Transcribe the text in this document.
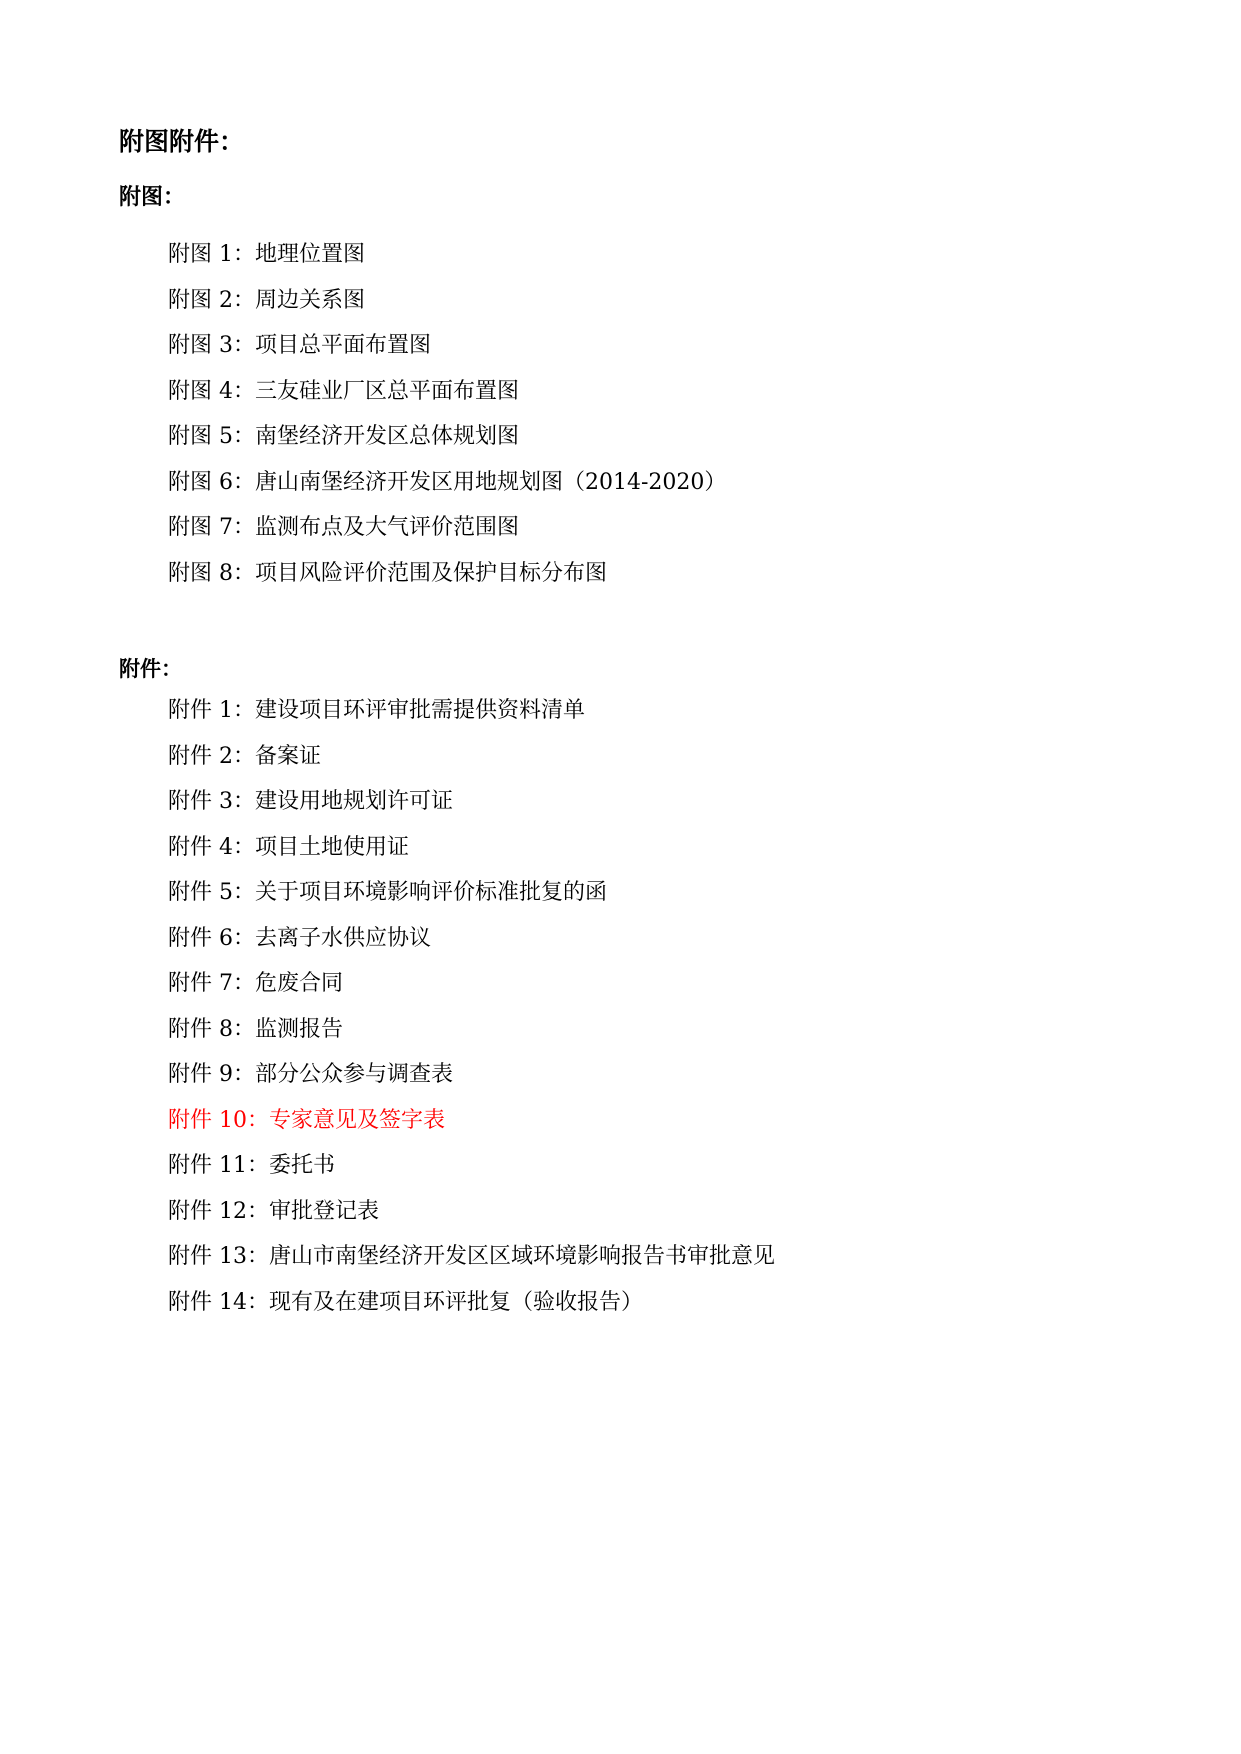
附图附件：
附图：
附图 1：地理位置图
附图 2：周边关系图
附图 3：项目总平面布置图
附图 4：三友硅业厂区总平面布置图
附图 5：南堡经济开发区总体规划图
附图 6：唐山南堡经济开发区用地规划图（2014-2020）
附图 7：监测布点及大气评价范围图
附图 8：项目风险评价范围及保护目标分布图
附件：
附件 1：建设项目环评审批需提供资料清单
附件 2：备案证
附件 3：建设用地规划许可证
附件 4：项目土地使用证
附件 5：关于项目环境影响评价标准批复的函
附件 6：去离子水供应协议
附件 7：危废合同
附件 8：监测报告
附件 9：部分公众参与调查表
附件 10：专家意见及签字表
附件 11：委托书
附件 12：审批登记表
附件 13：唐山市南堡经济开发区区域环境影响报告书审批意见
附件 14：现有及在建项目环评批复（验收报告）
